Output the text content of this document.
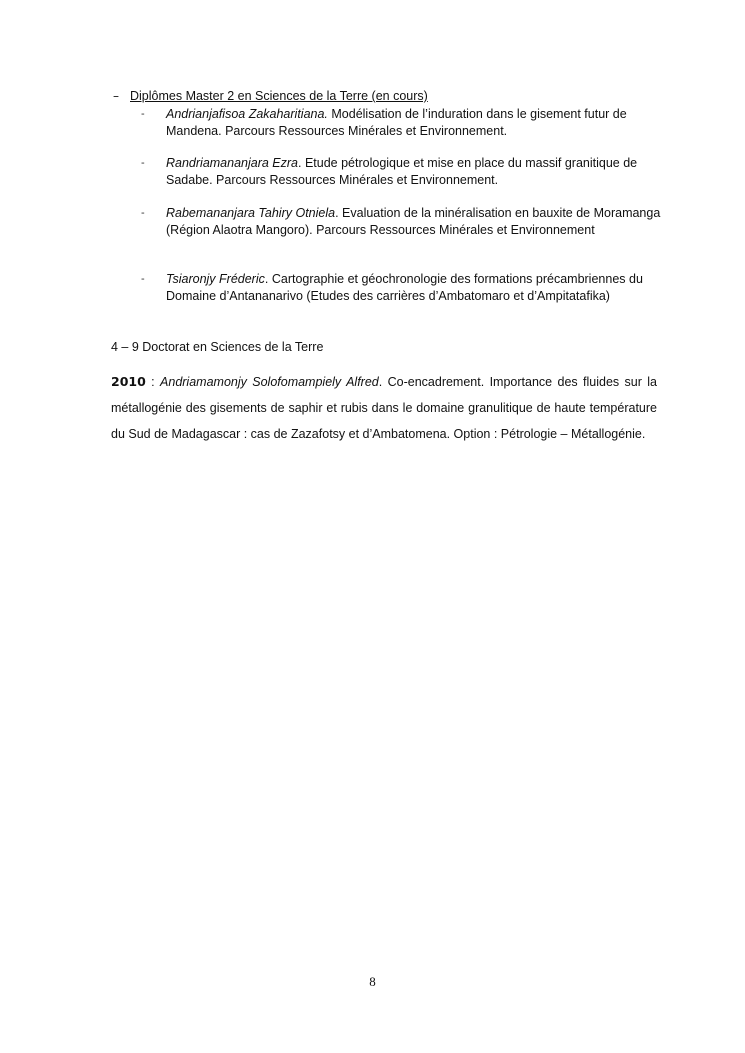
– Diplômes Master 2 en Sciences de la Terre (en cours)
-	Andrianjafisoa Zakaharitiana. Modélisation de l’induration dans le gisement futur de Mandena. Parcours Ressources Minérales et Environnement.
-	Randriamananjara Ezra. Etude pétrologique et mise en place du massif granitique de Sadabe. Parcours Ressources Minérales et Environnement.
-	Rabemananjara Tahiry Otniela. Evaluation de la minéralisation en bauxite de Moramanga (Région Alaotra Mangoro). Parcours Ressources Minérales et Environnement
-	Tsiaronjy Fréderic. Cartographie et géochronologie des formations précambriennes du Domaine d’Antananarivo (Etudes des carrières d’Ambatomaro et d’Ampitatafika)
4 – 9 Doctorat en Sciences de la Terre
2010 : Andriamamonjy Solofomampiely Alfred. Co-encadrement. Importance des fluides sur la métallogénie des gisements de saphir et rubis dans le domaine granulitique de haute température du Sud de Madagascar : cas de Zazafotsy et d’Ambatomena. Option : Pétrologie – Métallogénie.
8
